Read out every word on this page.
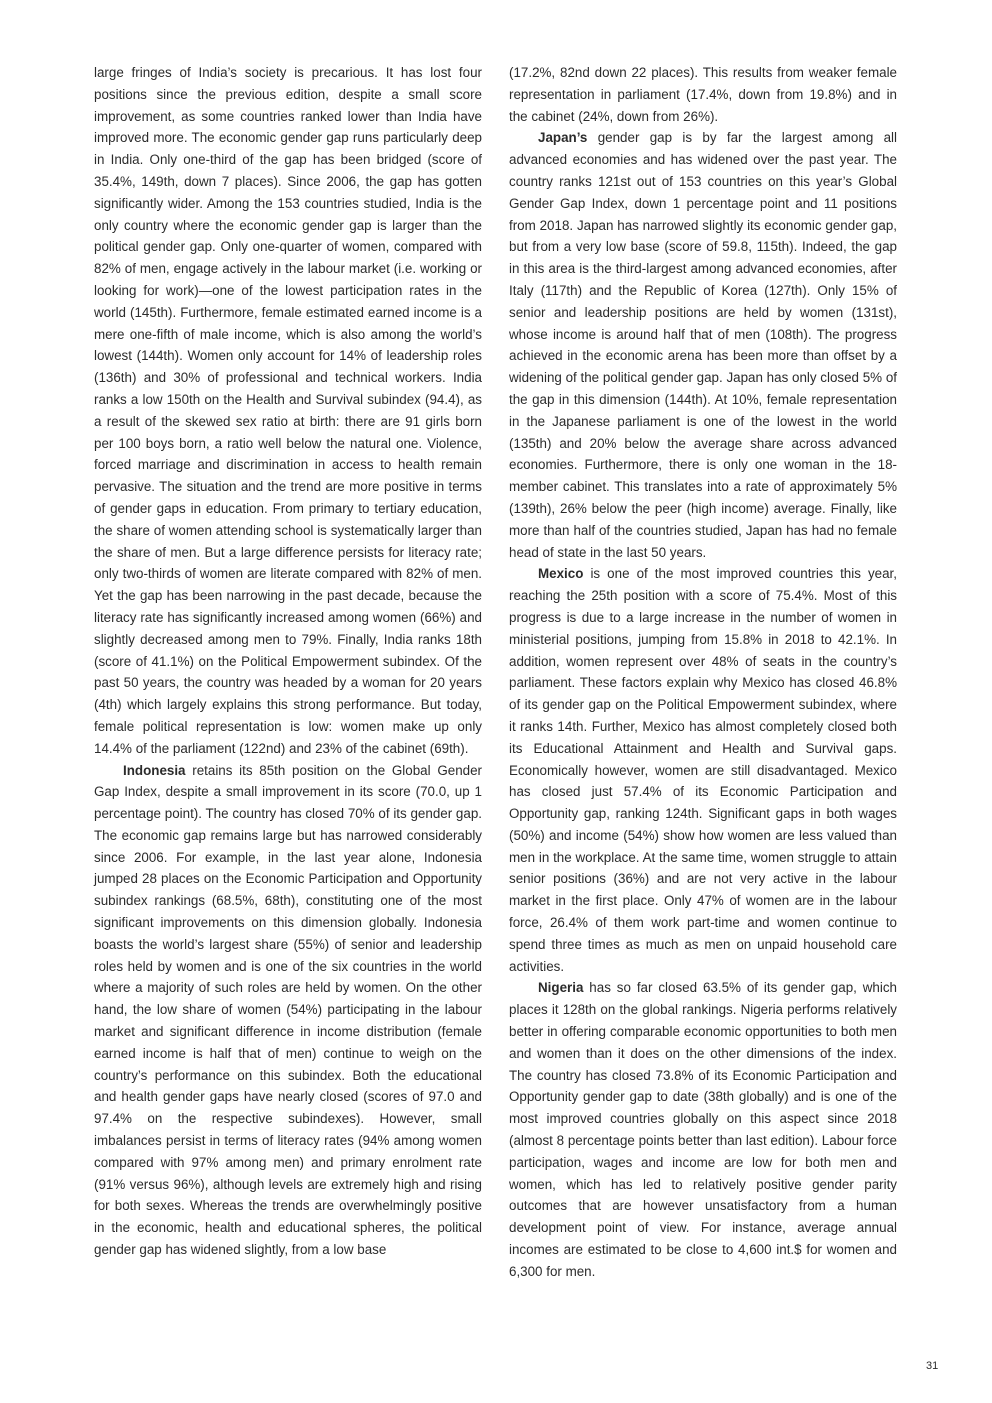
large fringes of India’s society is precarious. It has lost four positions since the previous edition, despite a small score improvement, as some countries ranked lower than India have improved more. The economic gender gap runs particularly deep in India. Only one-third of the gap has been bridged (score of 35.4%, 149th, down 7 places). Since 2006, the gap has gotten significantly wider. Among the 153 countries studied, India is the only country where the economic gender gap is larger than the political gender gap. Only one-quarter of women, compared with 82% of men, engage actively in the labour market (i.e. working or looking for work)—one of the lowest participation rates in the world (145th). Furthermore, female estimated earned income is a mere one-fifth of male income, which is also among the world’s lowest (144th). Women only account for 14% of leadership roles (136th) and 30% of professional and technical workers. India ranks a low 150th on the Health and Survival subindex (94.4), as a result of the skewed sex ratio at birth: there are 91 girls born per 100 boys born, a ratio well below the natural one. Violence, forced marriage and discrimination in access to health remain pervasive. The situation and the trend are more positive in terms of gender gaps in education. From primary to tertiary education, the share of women attending school is systematically larger than the share of men. But a large difference persists for literacy rate; only two-thirds of women are literate compared with 82% of men. Yet the gap has been narrowing in the past decade, because the literacy rate has significantly increased among women (66%) and slightly decreased among men to 79%. Finally, India ranks 18th (score of 41.1%) on the Political Empowerment subindex. Of the past 50 years, the country was headed by a woman for 20 years (4th) which largely explains this strong performance. But today, female political representation is low: women make up only 14.4% of the parliament (122nd) and 23% of the cabinet (69th).

Indonesia retains its 85th position on the Global Gender Gap Index, despite a small improvement in its score (70.0, up 1 percentage point). The country has closed 70% of its gender gap. The economic gap remains large but has narrowed considerably since 2006. For example, in the last year alone, Indonesia jumped 28 places on the Economic Participation and Opportunity subindex rankings (68.5%, 68th), constituting one of the most significant improvements on this dimension globally. Indonesia boasts the world’s largest share (55%) of senior and leadership roles held by women and is one of the six countries in the world where a majority of such roles are held by women. On the other hand, the low share of women (54%) participating in the labour market and significant difference in income distribution (female earned income is half that of men) continue to weigh on the country’s performance on this subindex. Both the educational and health gender gaps have nearly closed (scores of 97.0 and 97.4% on the respective subindexes). However, small imbalances persist in terms of literacy rates (94% among women compared with 97% among men) and primary enrolment rate (91% versus 96%), although levels are extremely high and rising for both sexes. Whereas the trends are overwhelmingly positive in the economic, health and educational spheres, the political gender gap has widened slightly, from a low base

(17.2%, 82nd down 22 places). This results from weaker female representation in parliament (17.4%, down from 19.8%) and in the cabinet (24%, down from 26%).

Japan’s gender gap is by far the largest among all advanced economies and has widened over the past year. The country ranks 121st out of 153 countries on this year’s Global Gender Gap Index, down 1 percentage point and 11 positions from 2018. Japan has narrowed slightly its economic gender gap, but from a very low base (score of 59.8, 115th). Indeed, the gap in this area is the third-largest among advanced economies, after Italy (117th) and the Republic of Korea (127th). Only 15% of senior and leadership positions are held by women (131st), whose income is around half that of men (108th). The progress achieved in the economic arena has been more than offset by a widening of the political gender gap. Japan has only closed 5% of the gap in this dimension (144th). At 10%, female representation in the Japanese parliament is one of the lowest in the world (135th) and 20% below the average share across advanced economies. Furthermore, there is only one woman in the 18-member cabinet. This translates into a rate of approximately 5% (139th), 26% below the peer (high income) average. Finally, like more than half of the countries studied, Japan has had no female head of state in the last 50 years.

Mexico is one of the most improved countries this year, reaching the 25th position with a score of 75.4%. Most of this progress is due to a large increase in the number of women in ministerial positions, jumping from 15.8% in 2018 to 42.1%. In addition, women represent over 48% of seats in the country’s parliament. These factors explain why Mexico has closed 46.8% of its gender gap on the Political Empowerment subindex, where it ranks 14th. Further, Mexico has almost completely closed both its Educational Attainment and Health and Survival gaps. Economically however, women are still disadvantaged. Mexico has closed just 57.4% of its Economic Participation and Opportunity gap, ranking 124th. Significant gaps in both wages (50%) and income (54%) show how women are less valued than men in the workplace. At the same time, women struggle to attain senior positions (36%) and are not very active in the labour market in the first place. Only 47% of women are in the labour force, 26.4% of them work part-time and women continue to spend three times as much as men on unpaid household care activities.

Nigeria has so far closed 63.5% of its gender gap, which places it 128th on the global rankings. Nigeria performs relatively better in offering comparable economic opportunities to both men and women than it does on the other dimensions of the index. The country has closed 73.8% of its Economic Participation and Opportunity gender gap to date (38th globally) and is one of the most improved countries globally on this aspect since 2018 (almost 8 percentage points better than last edition). Labour force participation, wages and income are low for both men and women, which has led to relatively positive gender parity outcomes that are however unsatisfactory from a human development point of view. For instance, average annual incomes are estimated to be close to 4,600 int.$ for women and 6,300 for men.

31
